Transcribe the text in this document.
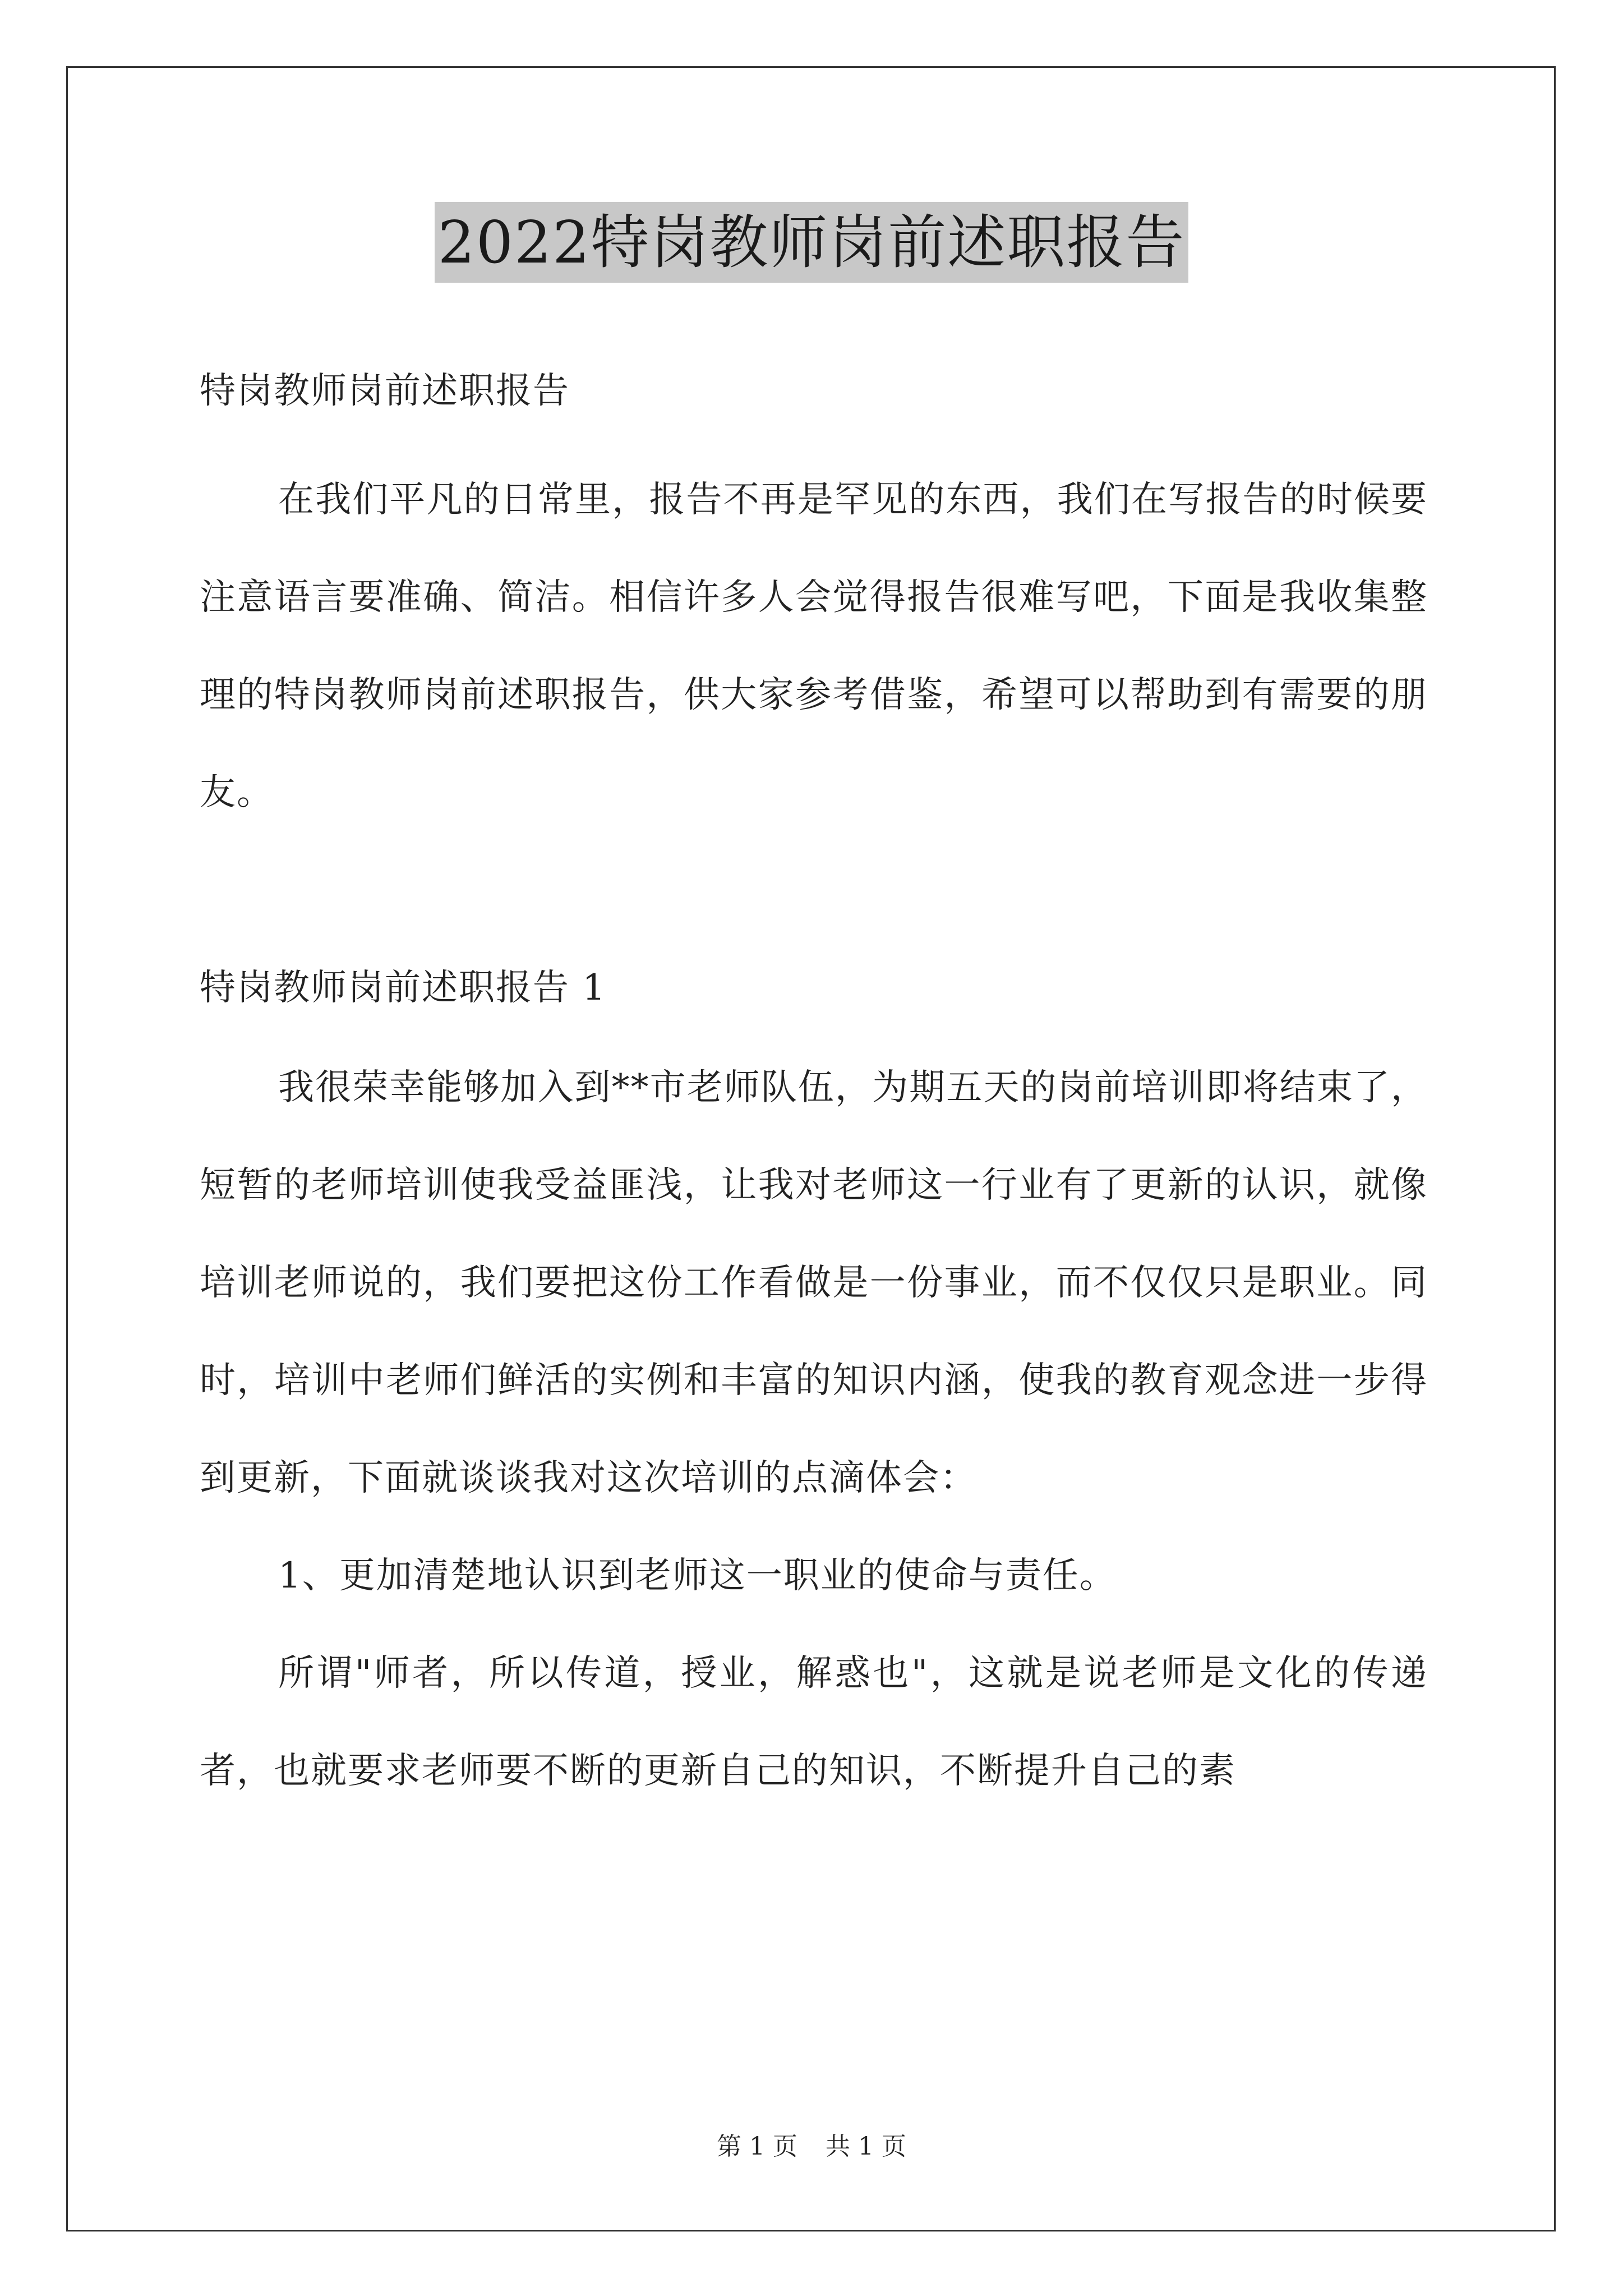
2022特岗教师岗前述职报告

特岗教师岗前述职报告

在我们平凡的日常里，报告不再是罕见的东西，我们在写报告的时候要注意语言要准确、简洁。相信许多人会觉得报告很难写吧，下面是我收集整理的特岗教师岗前述职报告，供大家参考借鉴，希望可以帮助到有需要的朋友。

特岗教师岗前述职报告 1

我很荣幸能够加入到**市老师队伍，为期五天的岗前培训即将结束了，短暂的老师培训使我受益匪浅，让我对老师这一行业有了更新的认识，就像培训老师说的，我们要把这份工作看做是一份事业，而不仅仅只是职业。同时，培训中老师们鲜活的实例和丰富的知识内涵，使我的教育观念进一步得到更新，下面就谈谈我对这次培训的点滴体会：

1、更加清楚地认识到老师这一职业的使命与责任。

所谓"师者，所以传道，授业，解惑也"，这就是说老师是文化的传递者，也就要求老师要不断的更新自己的知识，不断提升自己的素

第 1 页 共 1 页
